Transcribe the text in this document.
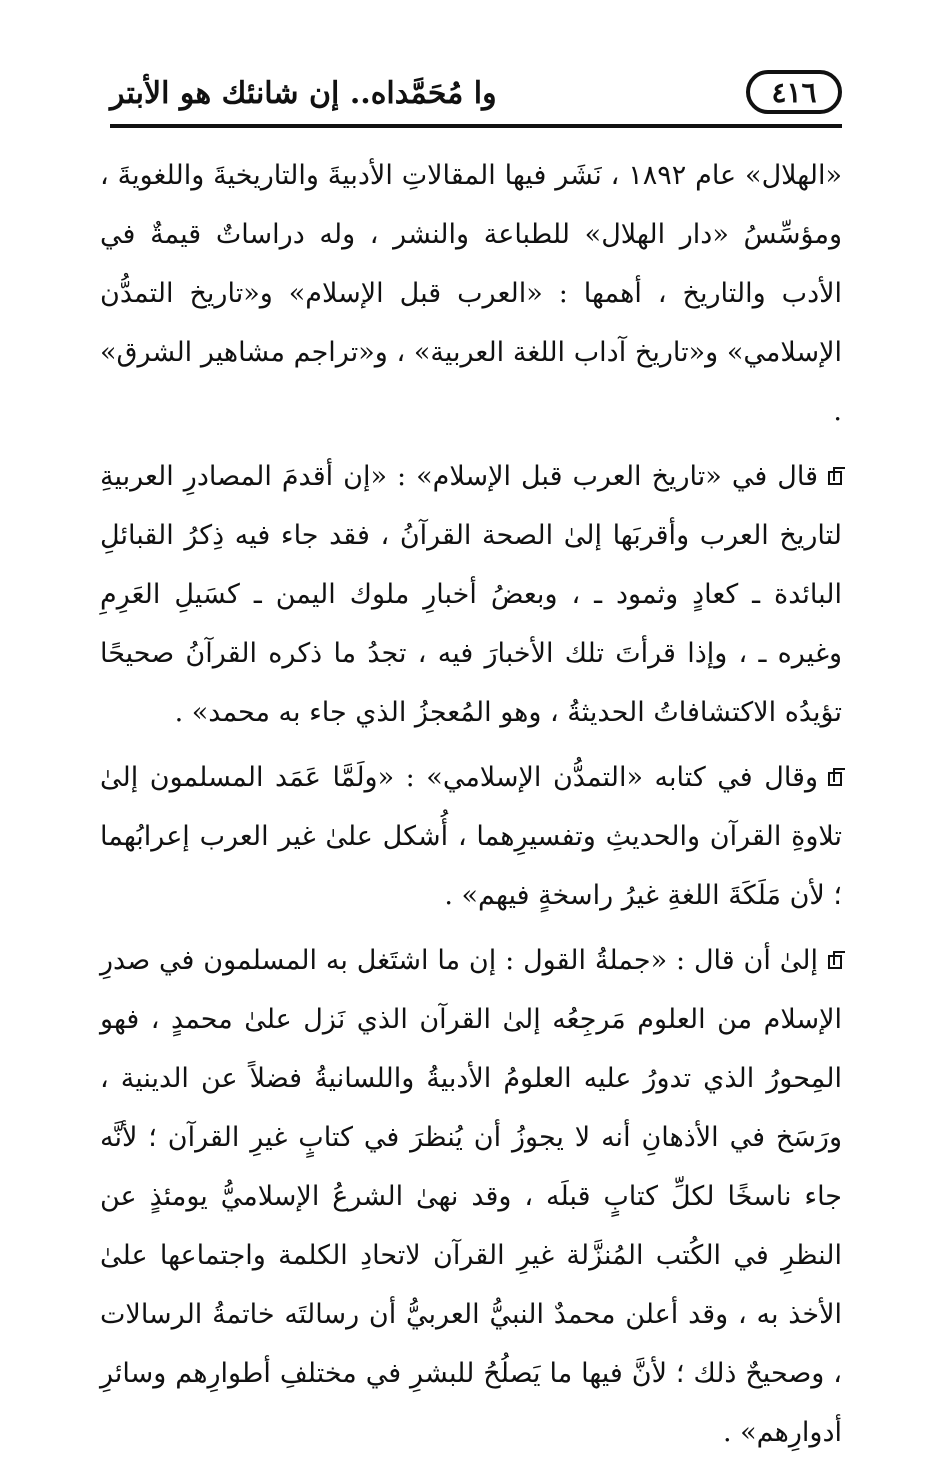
وا مُحَمَّداه.. إن شانئك هو الأبتر	٤١٦

«الهلال» عام ١٨٩٢ ، نَشَر فيها المقالاتِ الأدبيةَ والتاريخيةَ واللغويةَ ، ومؤسِّسُ «دار الهلال» للطباعة والنشر ، وله دراساتٌ قيمةٌ في الأدب والتاريخ ، أهمها : «العرب قبل الإسلام» و«تاريخ التمدُّن الإسلامي» و«تاريخ آداب اللغة العربية» ، و«تراجم مشاهير الشرق» .

قال في «تاريخ العرب قبل الإسلام» : «إن أقدمَ المصادرِ العربيةِ لتاريخ العرب وأقربَها إلىٰ الصحة القرآنُ ، فقد جاء فيه ذِكرُ القبائلِ البائدة ـ كعادٍ وثمود ـ ، وبعضُ أخبارِ ملوك اليمن ـ كسَيلِ العَرِمِ وغيره ـ ، وإذا قرأتَ تلك الأخبارَ فيه ، تجدُ ما ذكره القرآنُ صحيحًا تؤيدُه الاكتشافاتُ الحديثةُ ، وهو المُعجزُ الذي جاء به محمد» .

وقال في كتابه «التمدُّن الإسلامي» : «ولَمَّا عَمَد المسلمون إلىٰ تلاوةِ القرآن والحديثِ وتفسيرِهما ، أُشكل علىٰ غير العرب إعرابُهما ؛ لأن مَلَكَةَ اللغةِ غيرُ راسخةٍ فيهم» .

إلىٰ أن قال : «جملةُ القول : إن ما اشتَغل به المسلمون في صدرِ الإسلام من العلوم مَرجِعُه إلىٰ القرآن الذي نَزل علىٰ محمدٍ ، فهو المِحورُ الذي تدورُ عليه العلومُ الأدبيةُ واللسانيةُ فضلاً عن الدينية ، ورَسَخ في الأذهانِ أنه لا يجوزُ أن يُنظرَ في كتابٍ غيرِ القرآن ؛ لأنَّه جاء ناسخًا لكلِّ كتابٍ قبلَه ، وقد نهىٰ الشرعُ الإسلاميُّ يومئذٍ عن النظرِ في الكُتب المُنزَّلة غيرِ القرآن لاتحادِ الكلمة واجتماعها علىٰ الأخذ به ، وقد أعلن محمدٌ النبيُّ العربيُّ أن رسالتَه خاتمةُ الرسالات ، وصحيحٌ ذلك ؛ لأنَّ فيها ما يَصلُحُ للبشرِ في مختلفِ أطوارِهم وسائرِ أدوارِهم» .
